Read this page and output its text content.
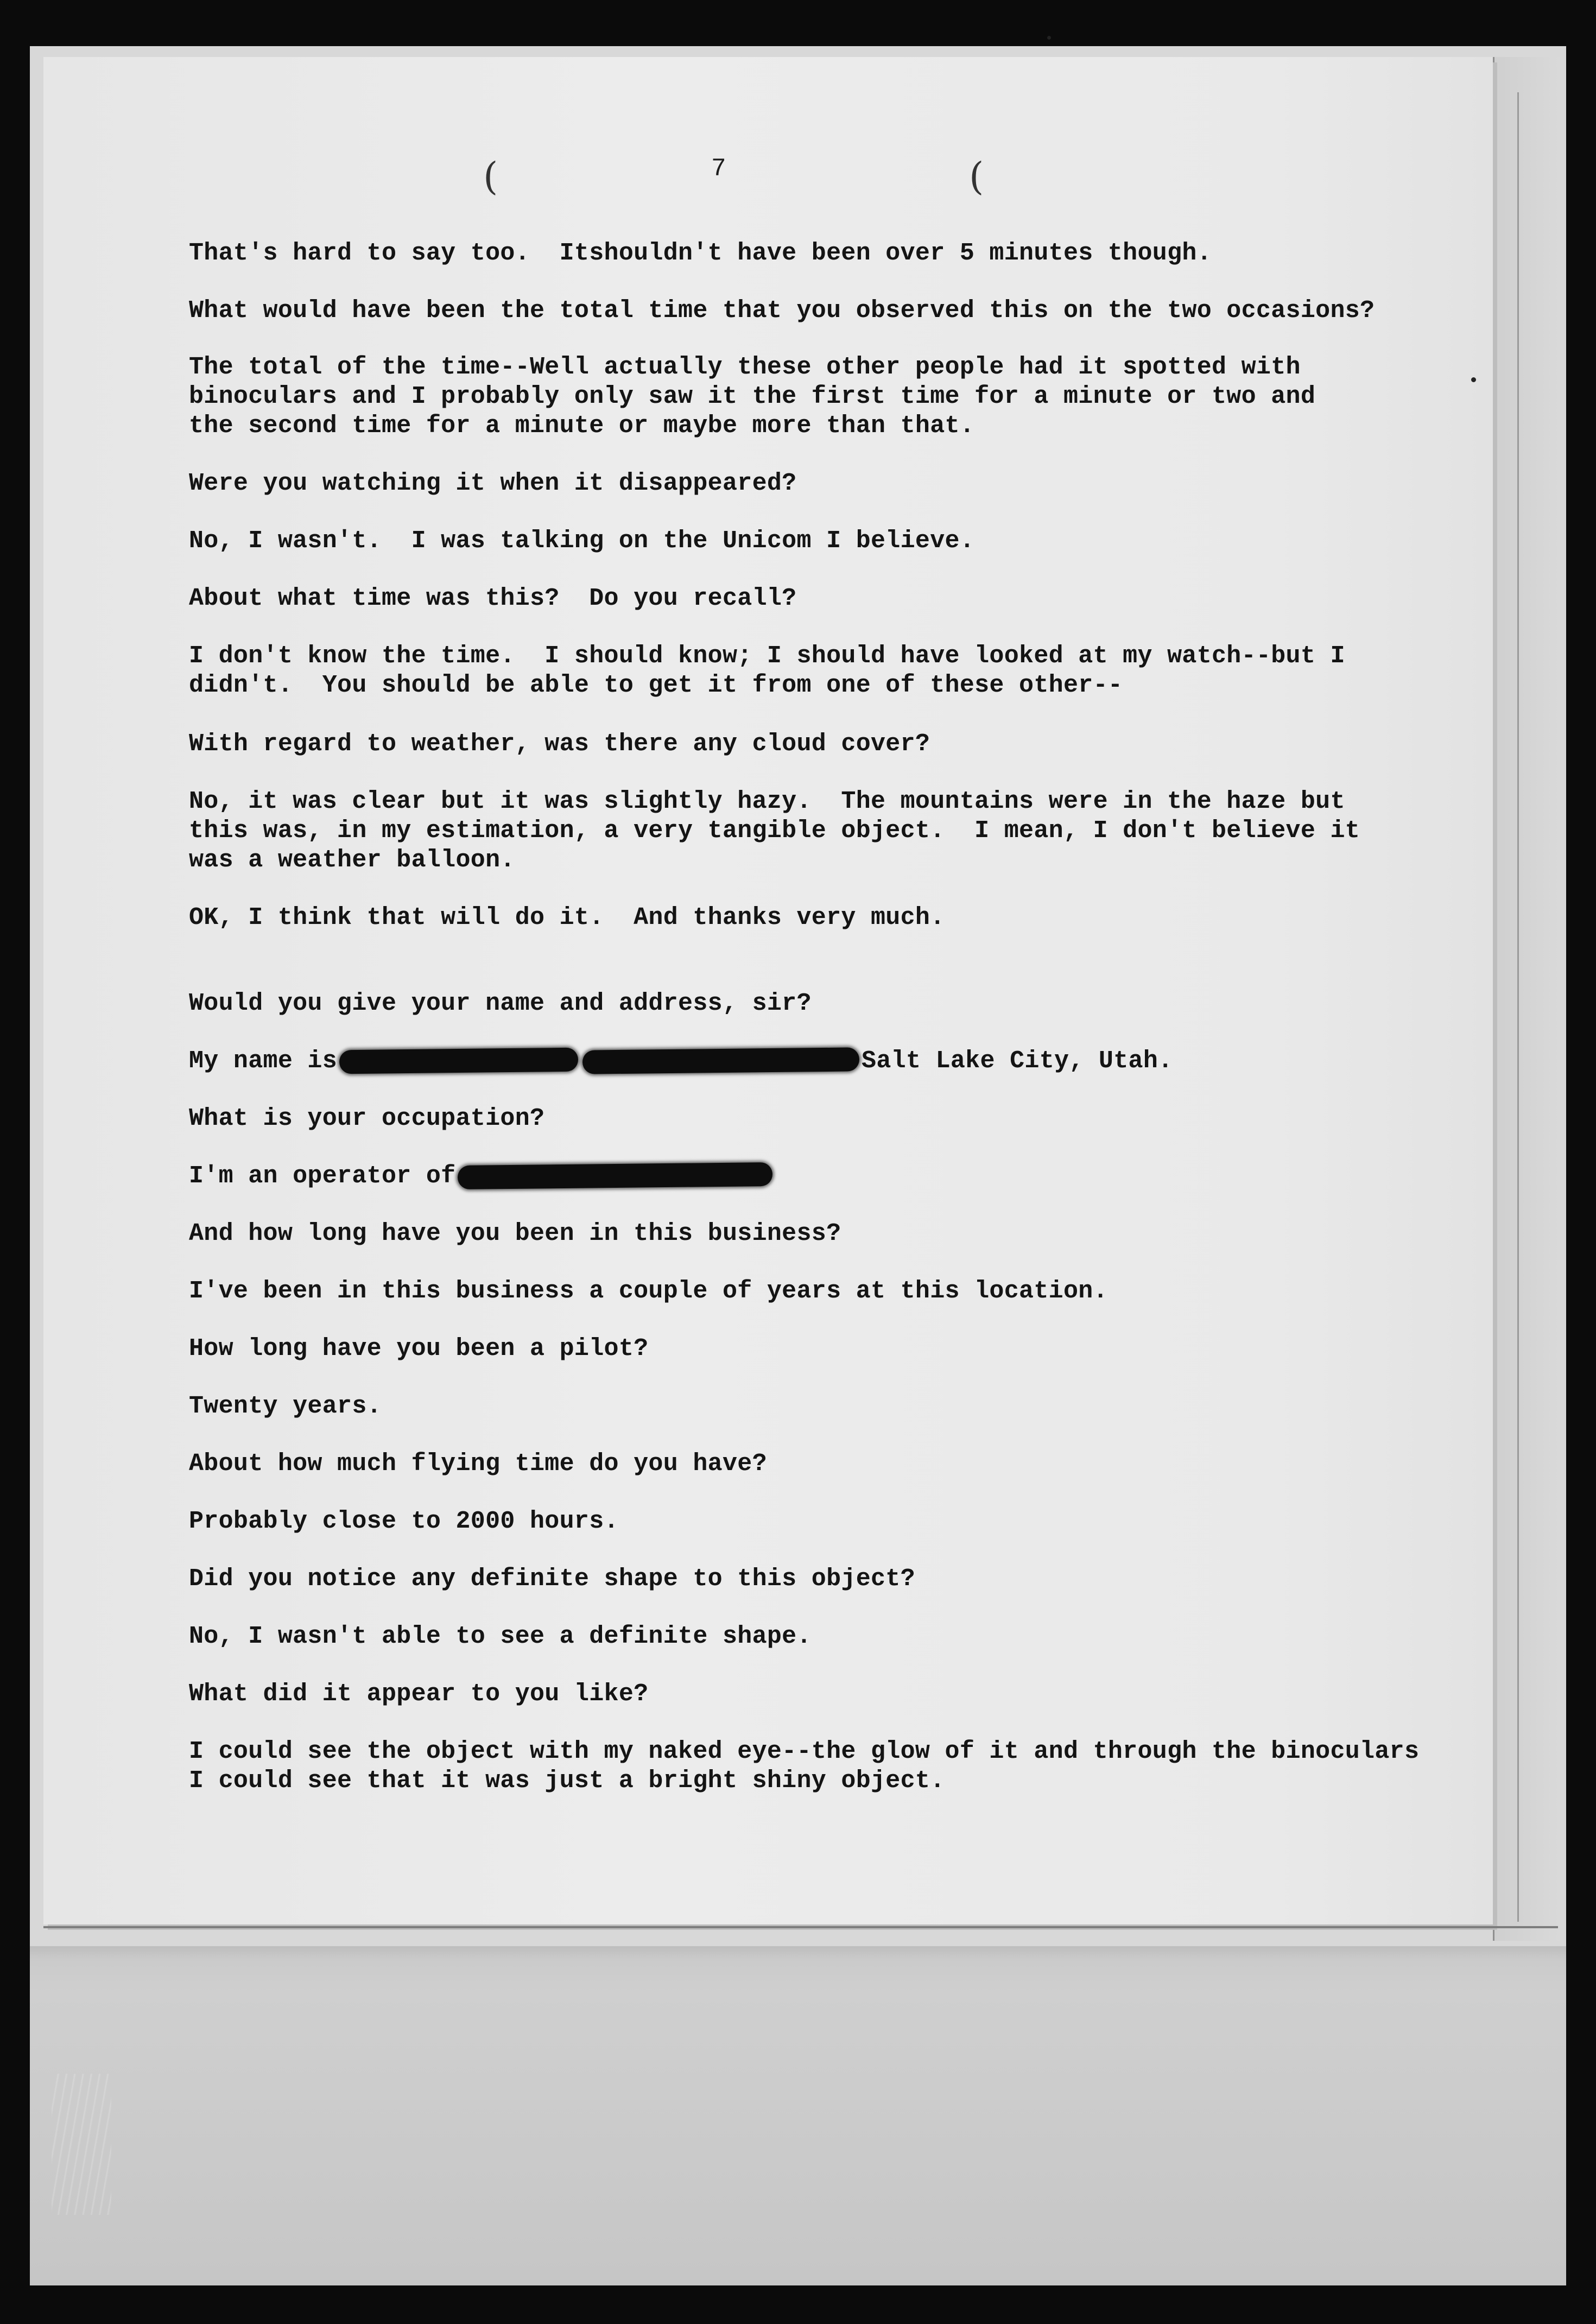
(	(
7
That's hard to say too.  Itshouldn't have been over 5 minutes though.
What would have been the total time that you observed this on the two occasions?
The total of the time--Well actually these other people had it spotted with
binoculars and I probably only saw it the first time for a minute or two and
the second time for a minute or maybe more than that.
Were you watching it when it disappeared?
No, I wasn't.  I was talking on the Unicom I believe.
About what time was this?  Do you recall?
I don't know the time.  I should know; I should have looked at my watch--but I
didn't.  You should be able to get it from one of these other--
With regard to weather, was there any cloud cover?
No, it was clear but it was slightly hazy.  The mountains were in the haze but
this was, in my estimation, a very tangible object.  I mean, I don't believe it
was a weather balloon.
OK, I think that will do it.  And thanks very much.
Would you give your name and address, sir?
My name is	Salt Lake City, Utah.
What is your occupation?
I'm an operator of
And how long have you been in this business?
I've been in this business a couple of years at this location.
How long have you been a pilot?
Twenty years.
About how much flying time do you have?
Probably close to 2000 hours.
Did you notice any definite shape to this object?
No, I wasn't able to see a definite shape.
What did it appear to you like?
I could see the object with my naked eye--the glow of it and through the binoculars
I could see that it was just a bright shiny object.
